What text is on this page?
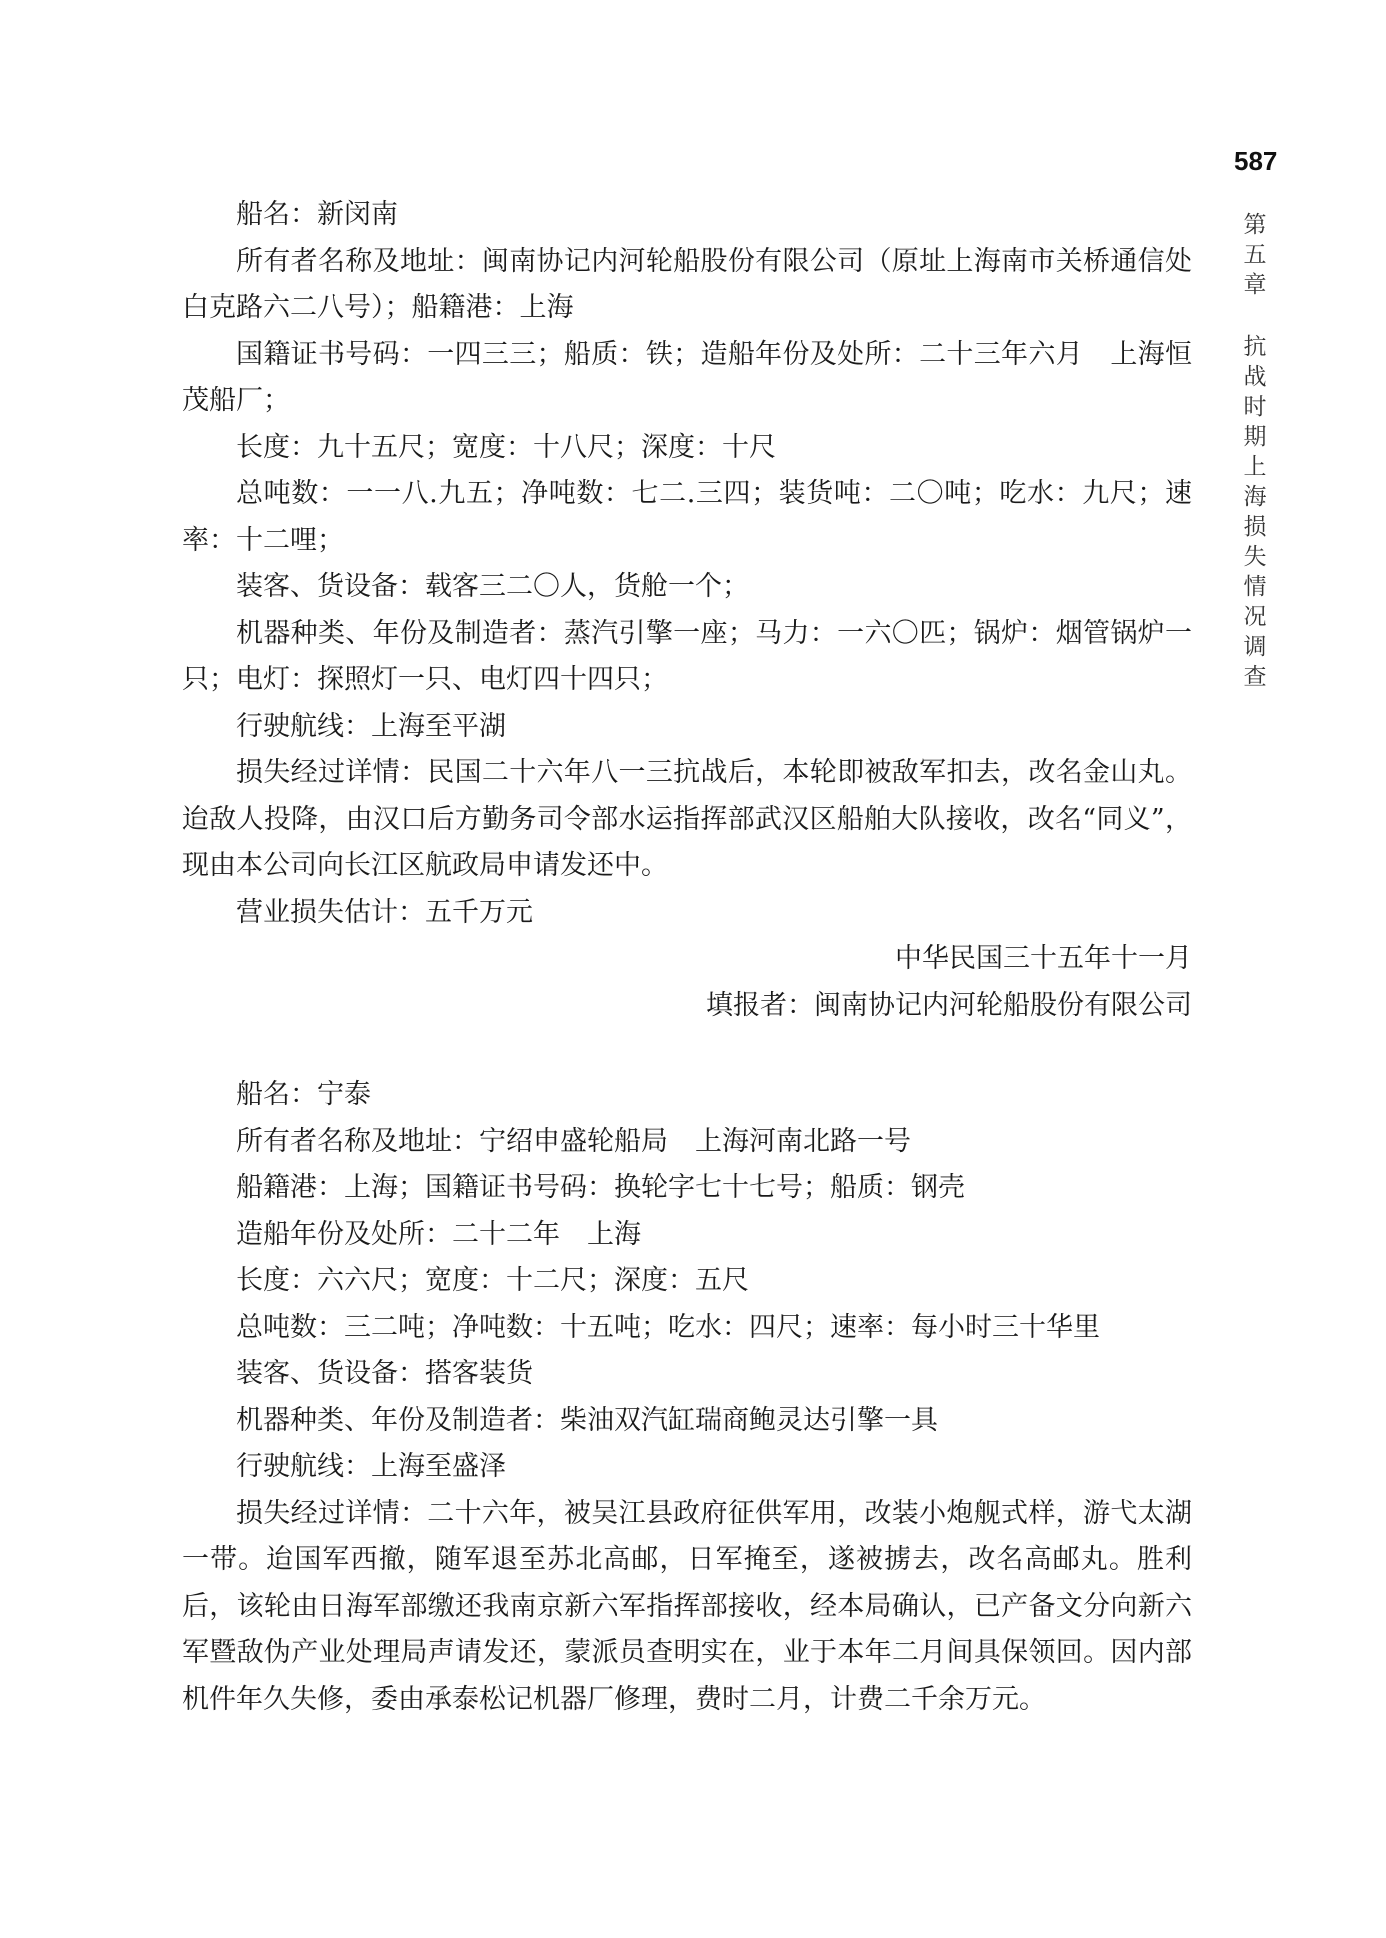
587
第
五
章
抗
战
时
期
上
海
损
失
情
况
调
查

船名：新闵南

所有者名称及地址：闽南协记内河轮船股份有限公司（原址上海南市关桥通信处白克路六二八号）；船籍港：上海

国籍证书号码：一四三三；船质：铁；造船年份及处所：二十三年六月　上海恒茂船厂；

长度：九十五尺；宽度：十八尺；深度：十尺

总吨数：一一八.九五；净吨数：七二.三四；装货吨：二〇吨；吃水：九尺；速率：十二哩；

装客、货设备：载客三二〇人，货舱一个；

机器种类、年份及制造者：蒸汽引擎一座；马力：一六〇匹；锅炉：烟管锅炉一只；电灯：探照灯一只、电灯四十四只；

行驶航线：上海至平湖

损失经过详情：民国二十六年八一三抗战后，本轮即被敌军扣去，改名金山丸。迨敌人投降，由汉口后方勤务司令部水运指挥部武汉区船舶大队接收，改名“同义”，现由本公司向长江区航政局申请发还中。

营业损失估计：五千万元

中华民国三十五年十一月

填报者：闽南协记内河轮船股份有限公司

船名：宁泰

所有者名称及地址：宁绍申盛轮船局　上海河南北路一号

船籍港：上海；国籍证书号码：换轮字七十七号；船质：钢壳

造船年份及处所：二十二年　上海

长度：六六尺；宽度：十二尺；深度：五尺

总吨数：三二吨；净吨数：十五吨；吃水：四尺；速率：每小时三十华里

装客、货设备：搭客装货

机器种类、年份及制造者：柴油双汽缸瑞商鲍灵达引擎一具

行驶航线：上海至盛泽

损失经过详情：二十六年，被吴江县政府征供军用，改装小炮舰式样，游弋太湖一带。迨国军西撤，随军退至苏北高邮，日军掩至，遂被掳去，改名高邮丸。胜利后，该轮由日海军部缴还我南京新六军指挥部接收，经本局确认，已产备文分向新六军暨敌伪产业处理局声请发还，蒙派员查明实在，业于本年二月间具保领回。因内部机件年久失修，委由承泰松记机器厂修理，费时二月，计费二千余万元。
